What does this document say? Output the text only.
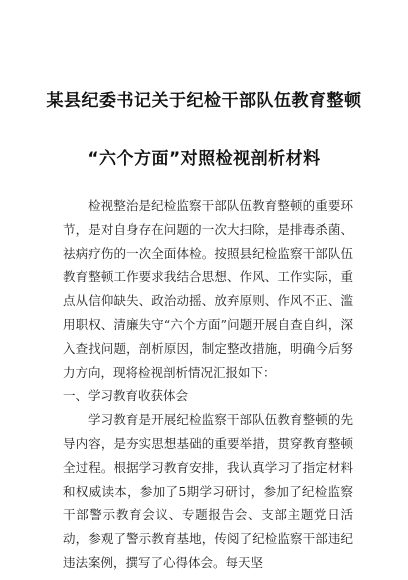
某县纪委书记关于纪检干部队伍教育整顿
“六个方面”对照检视剖析材料

检视整治是纪检监察干部队伍教育整顿的重要环节，是对自身存在问题的一次大扫除，是排毒杀菌、祛病疗伤的一次全面体检。按照县纪检监察干部队伍教育整顿工作要求我结合思想、作风、工作实际，重点从信仰缺失、政治动摇、放弃原则、作风不正、滥用职权、清廉失守“六个方面”问题开展自查自纠，深入查找问题，剖析原因，制定整改措施，明确今后努力方向，现将检视剖析情况汇报如下：

一、学习教育收获体会

学习教育是开展纪检监察干部队伍教育整顿的先导内容，是夯实思想基础的重要举措，贯穿教育整顿全过程。根据学习教育安排，我认真学习了指定材料和权威读本，参加了5期学习研讨，参加了纪检监察干部警示教育会议、专题报告会、支部主题党日活动，参观了警示教育基地，传阅了纪检监察干部违纪违法案例，撰写了心得体会。每天坚
